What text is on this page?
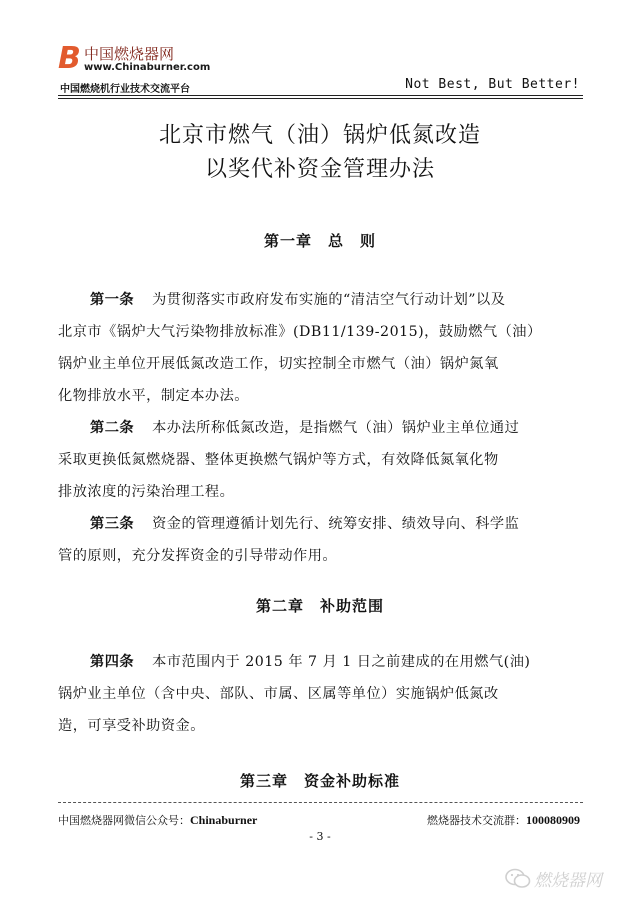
B 中国燃烧器网
www.Chinaburner.com
中国燃烧机行业技术交流平台	Not Best, But Better!
北京市燃气（油）锅炉低氮改造
以奖代补资金管理办法
第一章　总　则
第一条 为贯彻落实市政府发布实施的“清洁空气行动计划”以及
北京市《锅炉大气污染物排放标准》(DB11/139-2015)，鼓励燃气（油）
锅炉业主单位开展低氮改造工作，切实控制全市燃气（油）锅炉氮氧
化物排放水平，制定本办法。
第二条 本办法所称低氮改造，是指燃气（油）锅炉业主单位通过
采取更换低氮燃烧器、整体更换燃气锅炉等方式，有效降低氮氧化物
排放浓度的污染治理工程。
第三条 资金的管理遵循计划先行、统筹安排、绩效导向、科学监
管的原则，充分发挥资金的引导带动作用。
第二章　补助范围
第四条 本市范围内于 2015 年 7 月 1 日之前建成的在用燃气(油)
锅炉业主单位（含中央、部队、市属、区属等单位）实施锅炉低氮改
造，可享受补助资金。
第三章　资金补助标准
中国燃烧器网微信公众号：Chinaburner	燃烧器技术交流群：100080909
- 3 -
燃烧器网
